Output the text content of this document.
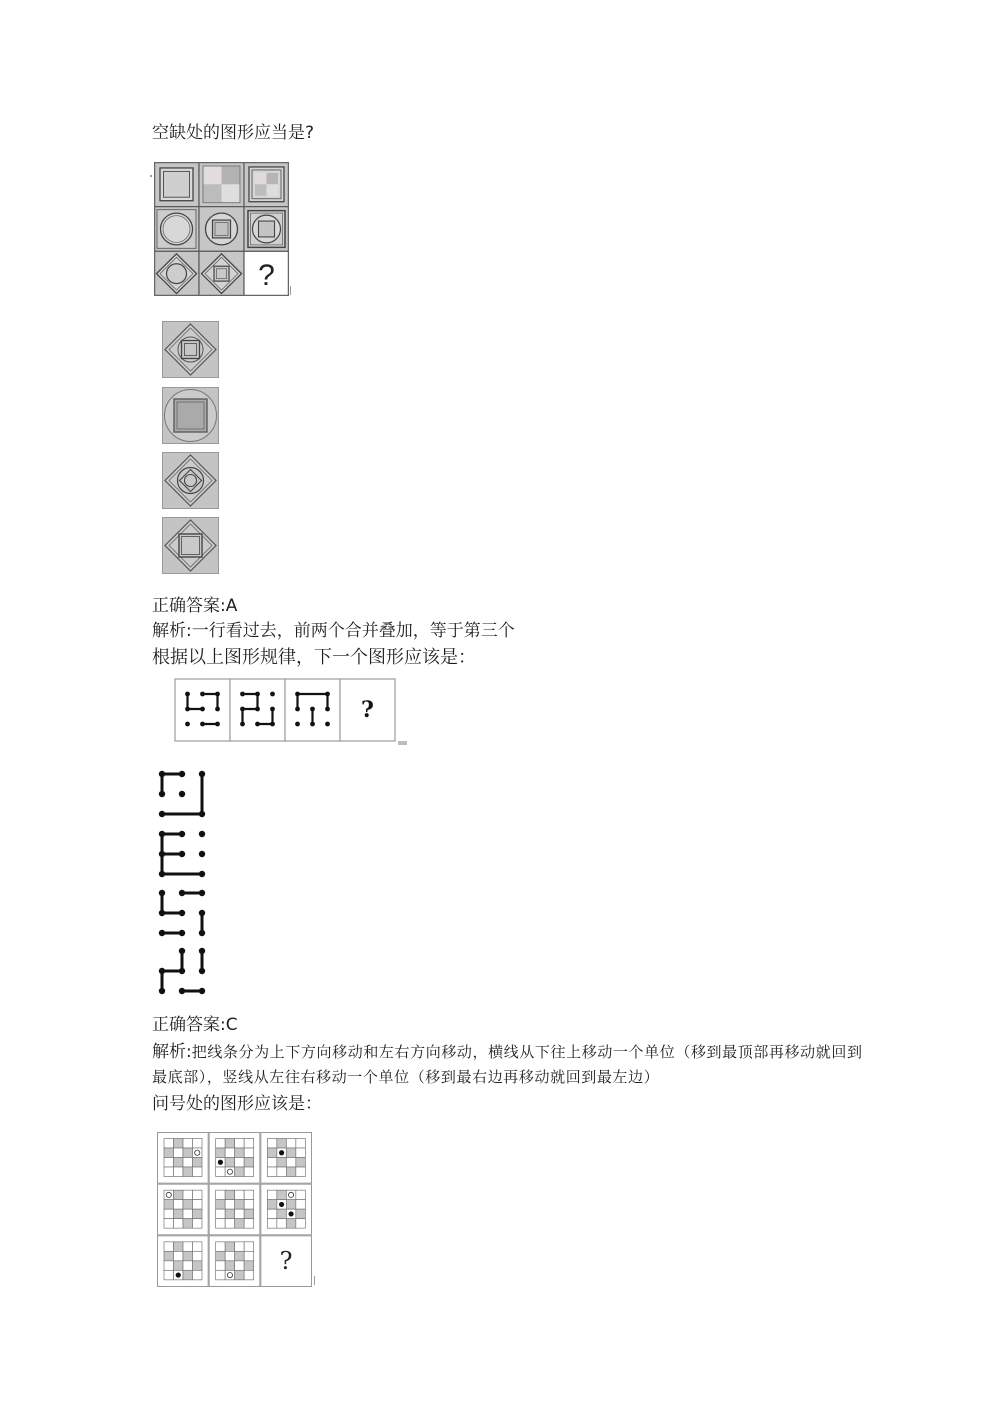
空缺处的图形应当是?
?
正确答案:A
解析:一行看过去，前两个合并叠加，等于第三个
根据以上图形规律，下一个图形应该是：
?
正确答案:C
解析:把线条分为上下方向移动和左右方向移动，横线从下往上移动一个单位（移到最顶部再移动就回到
最底部），竖线从左往右移动一个单位（移到最右边再移动就回到最左边）
问号处的图形应该是：
?
